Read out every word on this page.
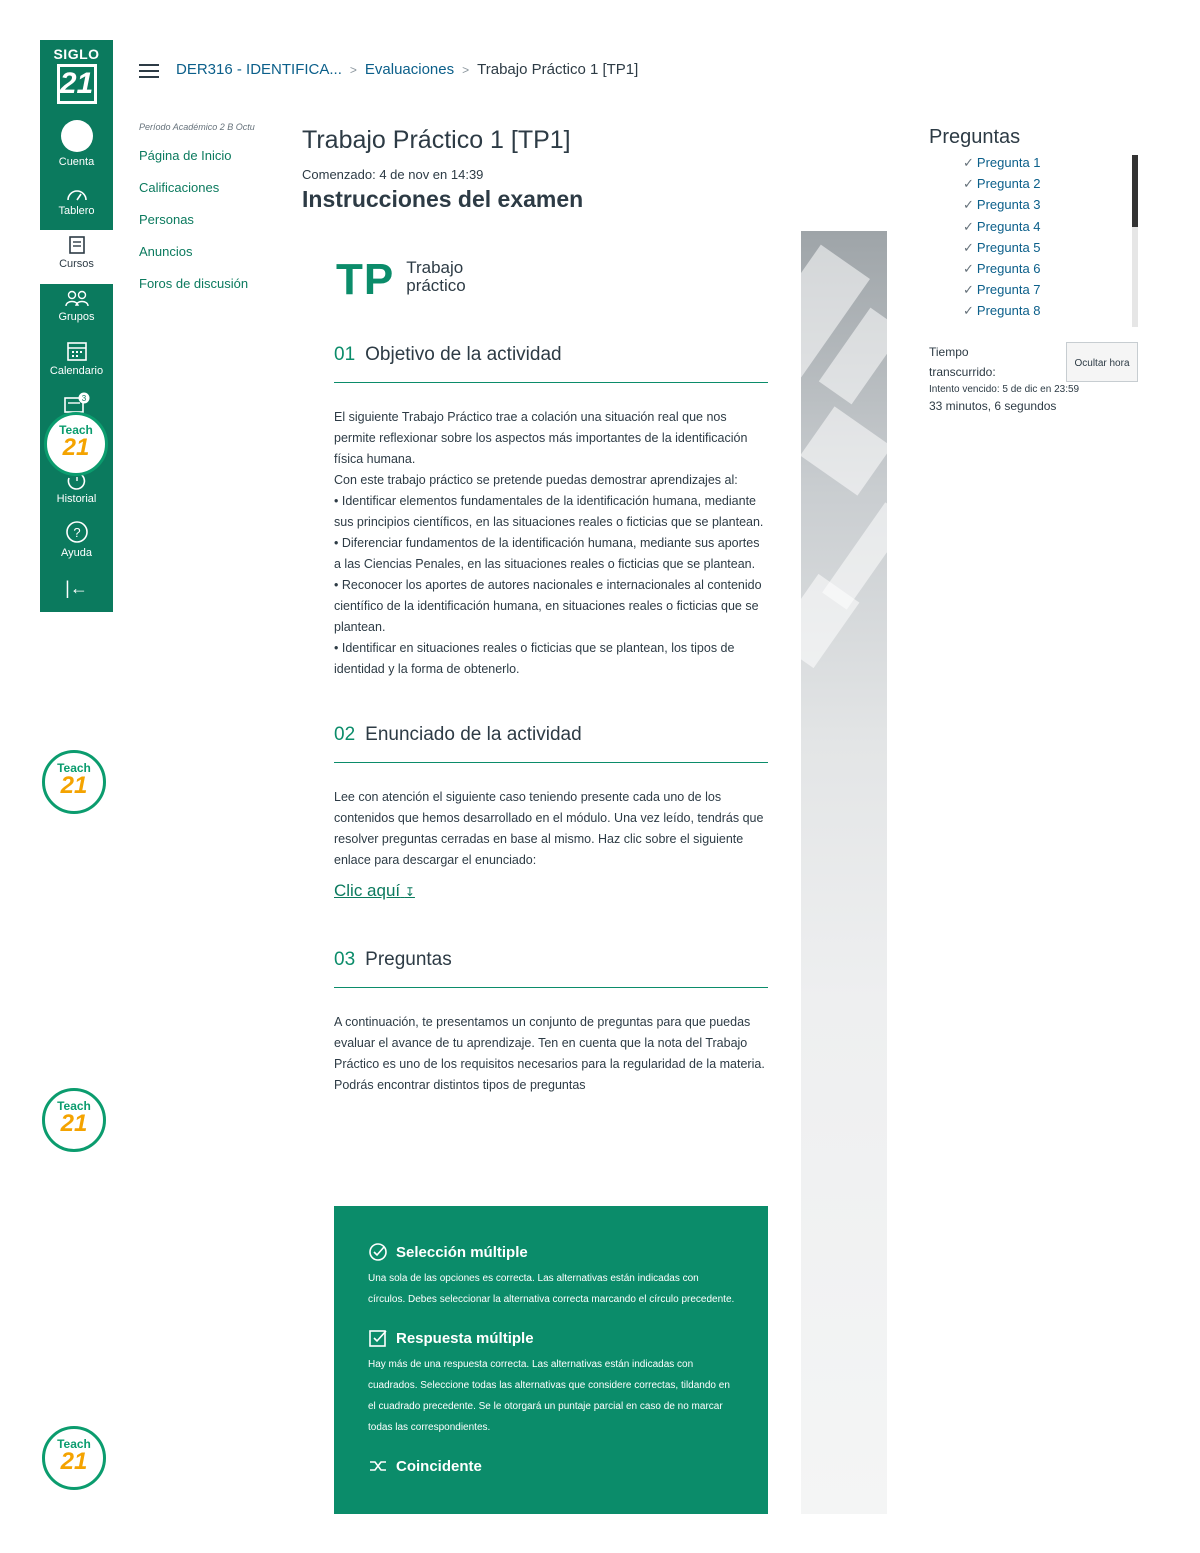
SIGLO
21
Cuenta
Tablero
Cursos
Grupos
Calendario
3
Historial
?
Ayuda
|←
Teach
21
Teach
21
Teach
21
Teach
21
DER316 - IDENTIFICA... > Evaluaciones > Trabajo Práctico 1 [TP1]
Período Académico 2 B Octu
Página de Inicio
Calificaciones
Personas
Anuncios
Foros de discusión
Trabajo Práctico 1 [TP1]
Comenzado: 4 de nov en 14:39
Instrucciones del examen
TP Trabajo
práctico
01 Objetivo de la actividad

El siguiente Trabajo Práctico trae a colación una situación real que nos permite reflexionar sobre los aspectos más importantes de la identificación física humana.

Con este trabajo práctico se pretende puedas demostrar aprendizajes al:

• Identificar elementos fundamentales de la identificación humana, mediante sus principios científicos, en las situaciones reales o ficticias que se plantean.

• Diferenciar fundamentos de la identificación humana, mediante sus aportes a las Ciencias Penales, en las situaciones reales o ficticias que se plantean.

• Reconocer los aportes de autores nacionales e internacionales al contenido científico de la identificación humana, en situaciones reales o ficticias que se plantean.

• Identificar en situaciones reales o ficticias que se plantean, los tipos de identidad y la forma de obtenerlo.

02 Enunciado de la actividad
Lee con atención el siguiente caso teniendo presente cada uno de los contenidos que hemos desarrollado en el módulo. Una vez leído, tendrás que resolver preguntas cerradas en base al mismo. Haz clic sobre el siguiente enlace para descargar el enunciado:
Clic aquí ↧
03 Preguntas
A continuación, te presentamos un conjunto de preguntas para que puedas evaluar el avance de tu aprendizaje. Ten en cuenta que la nota del Trabajo Práctico es uno de los requisitos necesarios para la regularidad de la materia. Podrás encontrar distintos tipos de preguntas
Selección múltiple
Una sola de las opciones es correcta. Las alternativas están indicadas con círculos. Debes seleccionar la alternativa correcta marcando el círculo precedente.
Respuesta múltiple
Hay más de una respuesta correcta. Las alternativas están indicadas con cuadrados. Seleccione todas las alternativas que considere correctas, tildando en el cuadrado precedente. Se le otorgará un puntaje parcial en caso de no marcar todas las correspondientes.
Coincidente
Preguntas
✓ Pregunta 1
✓ Pregunta 2
✓ Pregunta 3
✓ Pregunta 4
✓ Pregunta 5
✓ Pregunta 6
✓ Pregunta 7
✓ Pregunta 8
Tiempo transcurrido:
Ocultar hora
Intento vencido: 5 de dic en 23:59
33 minutos, 6 segundos
